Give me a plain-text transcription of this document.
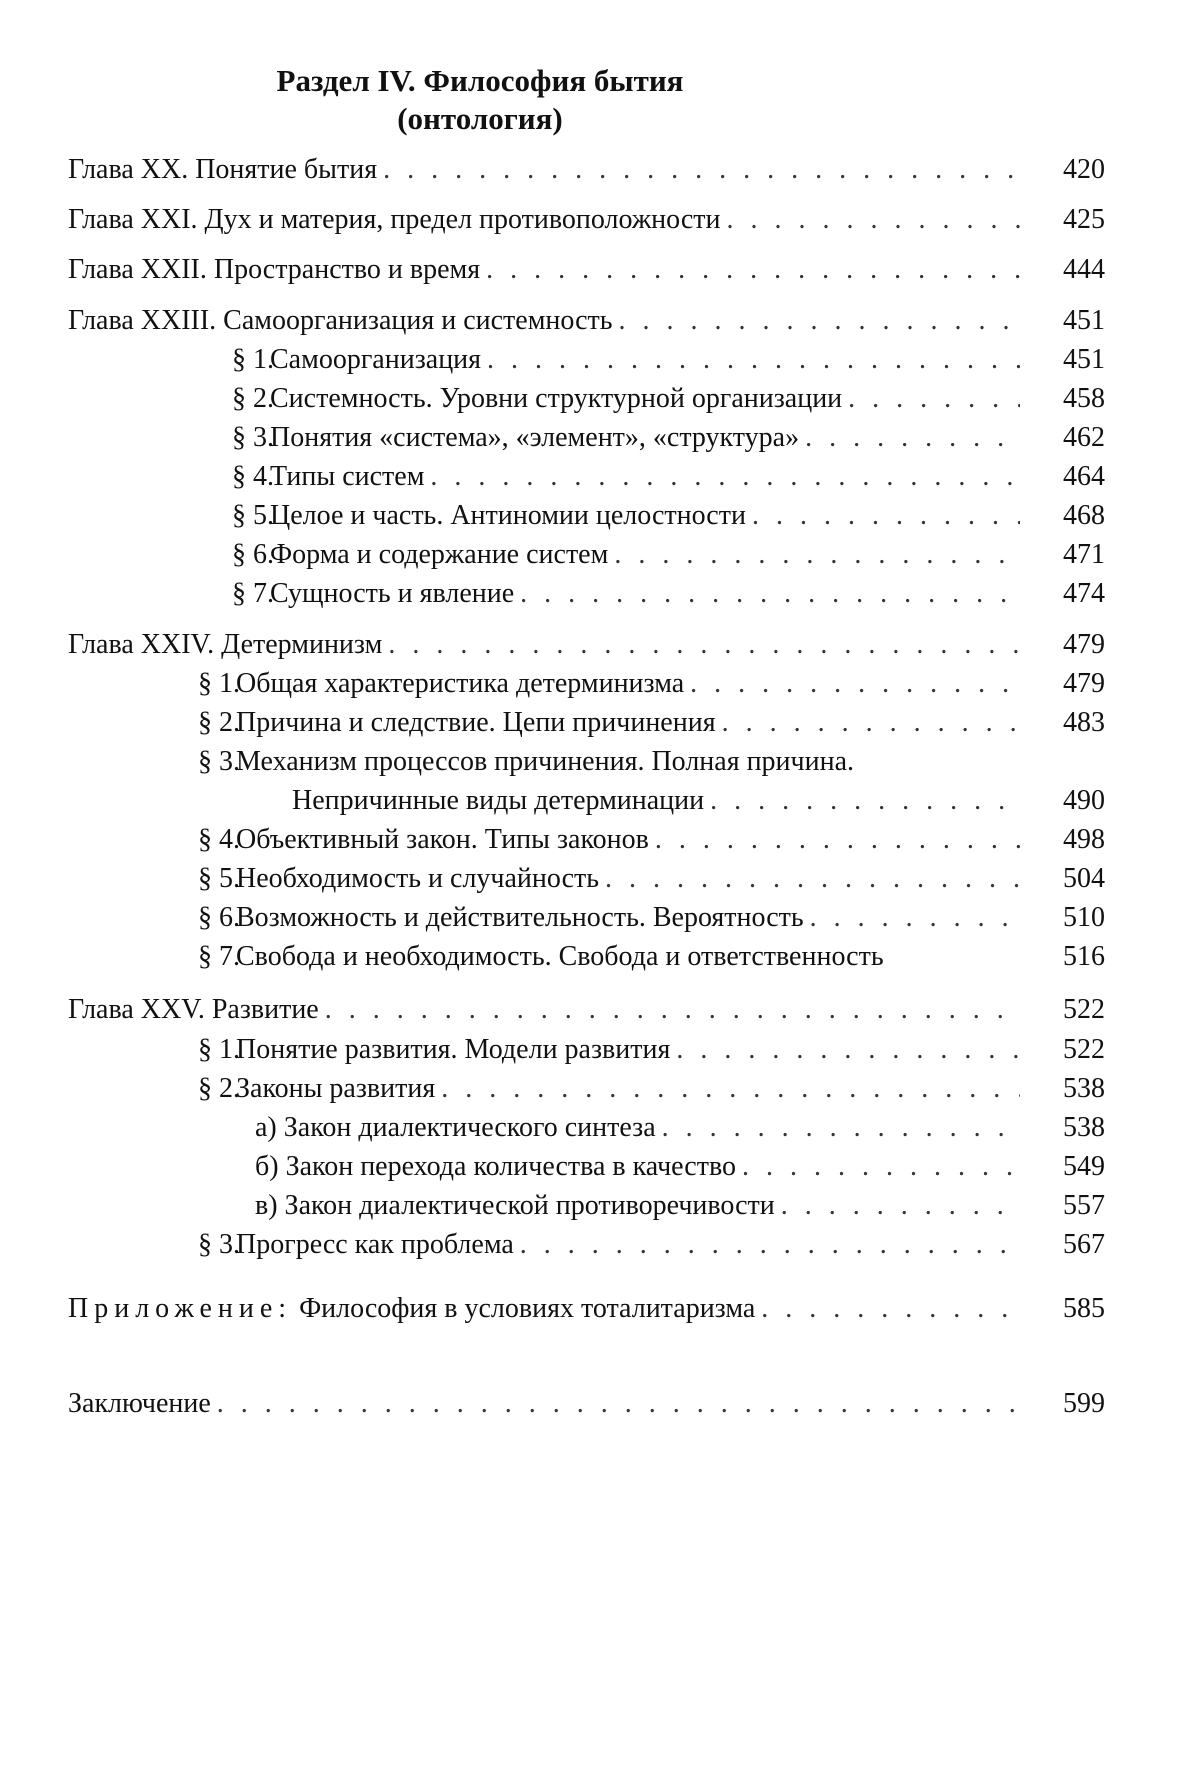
Раздел IV. Философия бытия
(онтология)
Глава XX. Понятие бытия . . .	420
Глава XXI. Дух и материя, предел противоположности . . .	425
Глава XXII. Пространство и время . . .	444
Глава XXIII. Самоорганизация и системность . . .	451
§ 1.
Самоорганизация . . .	451
§ 2.
Системность. Уровни структурной организации . . .	458
§ 3.
Понятия «система», «элемент», «структура» . . .	462
§ 4.
Типы систем . . .	464
§ 5.
Целое и часть. Антиномии целостности . . .	468
§ 6.
Форма и содержание систем . . .	471
§ 7.
Сущность и явление . . .	474
Глава XXIV. Детерминизм . . .	479
§ 1.
Общая характеристика детерминизма . . .	479
§ 2.
Причина и следствие. Цепи причинения . . .	483
§ 3.
Механизм процессов причинения. Полная причина.
Непричинные виды детерминации . . .	490
§ 4.
Объективный закон. Типы законов . . .	498
§ 5.
Необходимость и случайность . . .	504
§ 6.
Возможность и действительность. Вероятность . . .	510
§ 7.
Свобода и необходимость. Свобода и ответственность	516
Глава XXV. Развитие . . .	522
§ 1.
Понятие развития. Модели развития . . .	522
§ 2.
Законы развития . . .	538
а) Закон диалектического синтеза . . .	538
б) Закон перехода количества в качество . . .	549
в) Закон диалектической противоречивости . . .	557
§ 3.
Прогресс как проблема . . .	567
Приложение:
Философия в условиях тоталитаризма . . .	585
Заключение . . .	599
